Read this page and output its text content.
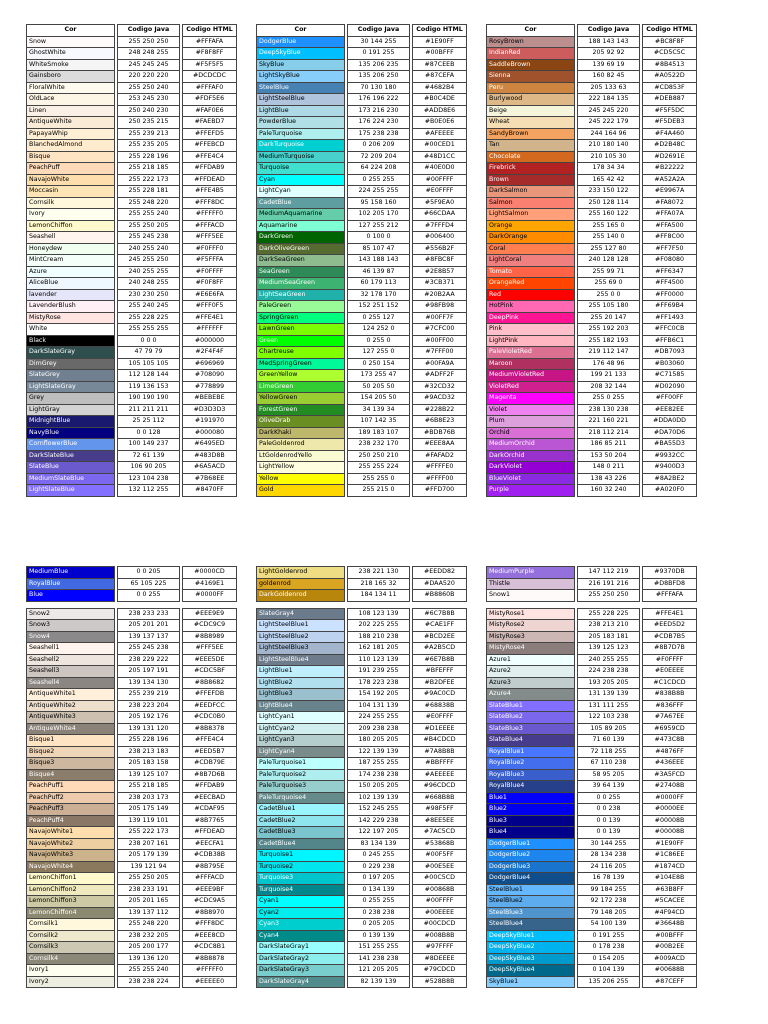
Cor		Codigo Java		Codigo HTML
Snow		255 250 250		#FFFAFA
GhostWhite		248 248 255		#F8F8FF
WhiteSmoke		245 245 245		#F5F5F5
Gainsboro		220 220 220		#DCDCDC
FloralWhite		255 250 240		#FFFAF0
OldLace		253 245 230		#FDF5E6
Linen		250 240 230		#FAF0E6
AntiqueWhite		250 235 215		#FAEBD7
PapayaWhip		255 239 213		#FFEFD5
BlanchedAlmond		255 235 205		#FFEBCD
Bisque		255 228 196		#FFE4C4
PeachPuff		255 218 185		#FFDAB9
NavajoWhite		255 222 173		#FFDEAD
Moccasin		255 228 181		#FFE4B5
Cornsilk		255 248 220		#FFF8DC
Ivory		255 255 240		#FFFFF0
LemonChiffon		255 250 205		#FFFACD
Seashell		255 245 238		#FFF5EE
Honeydew		240 255 240		#F0FFF0
MintCream		245 255 250		#F5FFFA
Azure		240 255 255		#F0FFFF
AliceBlue		240 248 255		#F0F8FF
lavender		230 230 250		#E6E6FA
LavenderBlush		255 240 245		#FFF0F5
MistyRose		255 228 225		#FFE4E1
White		255 255 255		#FFFFFF
Black		0 0 0		#000000
DarkSlateGray		47 79 79		#2F4F4F
DimGrey		105 105 105		#696969
SlateGrey		112 128 144		#708090
LightSlateGray		119 136 153		#778899
Grey		190 190 190		#BEBEBE
LightGray		211 211 211		#D3D3D3
MidnightBlue		25 25 112		#191970
NavyBlue		0 0 128		#000080
CornflowerBlue		100 149 237		#6495ED
DarkSlateBlue		72 61 139		#483D8B
SlateBlue		106 90 205		#6A5ACD
MediumSlateBlue		123 104 238		#7B68EE
LightSlateBlue		132 112 255		#8470FF
Cor		Codigo Java		Codigo HTML
DodgerBlue		30 144 255		#1E90FF
DeepSkyBlue		0 191 255		#00BFFF
SkyBlue		135 206 235		#87CEEB
LightSkyBlue		135 206 250		#87CEFA
SteelBlue		70 130 180		#4682B4
LightSteelBlue		176 196 222		#B0C4DE
LightBlue		173 216 230		#ADD8E6
PowderBlue		176 224 230		#B0E0E6
PaleTurquoise		175 238 238		#AFEEEE
DarkTurquoise		0 206 209		#00CED1
MediumTurquoise		72 209 204		#48D1CC
Turquoise		64 224 208		#40E0D0
Cyan		0 255 255		#00FFFF
LightCyan		224 255 255		#E0FFFF
CadetBlue		95 158 160		#5F9EA0
MediumAquamarine		102 205 170		#66CDAA
Aquamarine		127 255 212		#7FFFD4
DarkGreen		0 100 0		#006400
DarkOliveGreen		85 107 47		#556B2F
DarkSeaGreen		143 188 143		#8FBC8F
SeaGreen		46 139 87		#2E8B57
MediumSeaGreen		60 179 113		#3CB371
LightSeaGreen		32 178 170		#20B2AA
PaleGreen		152 251 152		#98FB98
SpringGreen		0 255 127		#00FF7F
LawnGreen		124 252 0		#7CFC00
Green		0 255 0		#00FF00
Chartreuse		127 255 0		#7FFF00
MedSpringGreen		0 250 154		#00FA9A
GreenYellow		173 255 47		#ADFF2F
LimeGreen		50 205 50		#32CD32
YellowGreen		154 205 50		#9ACD32
ForestGreen		34 139 34		#228B22
OliveDrab		107 142 35		#6B8E23
DarkKhaki		189 183 107		#BDB76B
PaleGoldenrod		238 232 170		#EEE8AA
LtGoldenrodYello		250 250 210		#FAFAD2
LightYellow		255 255 224		#FFFFE0
Yellow		255 255 0		#FFFF00
Gold		255 215 0		#FFD700
Cor		Codigo Java		Codigo HTML
RosyBrown		188 143 143		#BC8F8F
IndianRed		205 92 92		#CD5C5C
SaddleBrown		139 69 19		#8B4513
Sienna		160 82 45		#A0522D
Peru		205 133 63		#CD853F
Burlywood		222 184 135		#DEB887
Beige		245 245 220		#F5F5DC
Wheat		245 222 179		#F5DEB3
SandyBrown		244 164 96		#F4A460
Tan		210 180 140		#D2B48C
Chocolate		210 105 30		#D2691E
Firebrick		178 34 34		#B22222
Brown		165 42 42		#A52A2A
DarkSalmon		233 150 122		#E9967A
Salmon		250 128 114		#FA8072
LightSalmon		255 160 122		#FFA07A
Orange		255 165 0		#FFA500
DarkOrange		255 140 0		#FF8C00
Coral		255 127 80		#FF7F50
LightCoral		240 128 128		#F08080
Tomato		255 99 71		#FF6347
OrangeRed		255 69 0		#FF4500
Red		255 0 0		#FF0000
HotPink		255 105 180		#FF69B4
DeepPink		255 20 147		#FF1493
Pink		255 192 203		#FFC0CB
LightPink		255 182 193		#FFB6C1
PaleVioletRed		219 112 147		#DB7093
Maroon		176 48 96		#B03060
MediumVioletRed		199 21 133		#C71585
VioletRed		208 32 144		#D02090
Magenta		255 0 255		#FF00FF
Violet		238 130 238		#EE82EE
Plum		221 160 221		#DDA0DD
Orchid		218 112 214		#DA70D6
MediumOrchid		186 85 211		#BA55D3
DarkOrchid		153 50 204		#9932CC
DarkViolet		148 0 211		#9400D3
BlueViolet		138 43 226		#8A2BE2
Purple		160 32 240		#A020F0
MediumBlue		0 0 205		#0000CD
RoyalBlue		65 105 225		#4169E1
Blue		0 0 255		#0000FF

Snow2		238 233 233		#EEE9E9
Snow3		205 201 201		#CDC9C9
Snow4		139 137 137		#8B8989
Seashell1		255 245 238		#FFF5EE
Seashell2		238 229 222		#EEE5DE
Seashell3		205 197 191		#CDC5BF
Seashell4		139 134 130		#8B8682
AntiqueWhite1		255 239 219		#FFEFDB
AntiqueWhite2		238 223 204		#EEDFCC
AntiqueWhite3		205 192 176		#CDC0B0
AntiqueWhite4		139 131 120		#8B8378
Bisque1		255 228 196		#FFE4C4
Bisque2		238 213 183		#EED5B7
Bisque3		205 183 158		#CDB79E
Bisque4		139 125 107		#8B7D6B
PeachPuff1		255 218 185		#FFDAB9
PeachPuff2		238 203 173		#EECBAD
PeachPuff3		205 175 149		#CDAF95
PeachPuff4		139 119 101		#8B7765
NavajoWhite1		255 222 173		#FFDEAD
NavajoWhite2		238 207 161		#EECFA1
NavajoWhite3		205 179 139		#CDB38B
NavajoWhite4		139 121 94		#8B795E
LemonChiffon1		255 250 205		#FFFACD
LemonChiffon2		238 233 191		#EEE9BF
LemonChiffon3		205 201 165		#CDC9A5
LemonChiffon4		139 137 112		#8B8970
Cornsilk1		255 248 220		#FFF8DC
Cornsilk2		238 232 205		#EEE8CD
Cornsilk3		205 200 177		#CDC8B1
Cornsilk4		139 136 120		#8B8878
Ivory1		255 255 240		#FFFFF0
Ivory2		238 238 224		#EEEEE0
LightGoldenrod		238 221 130		#EEDD82
goldenrod		218 165 32		#DAA520
DarkGoldenrod		184 134 11		#B8860B

SlateGray4		108 123 139		#6C7B8B
LightSteelBlue1		202 225 255		#CAE1FF
LightSteelBlue2		188 210 238		#BCD2EE
LightSteelBlue3		162 181 205		#A2B5CD
LightSteelBlue4		110 123 139		#6E7B8B
LightBlue1		191 239 255		#BFEFFF
LightBlue2		178 223 238		#B2DFEE
LightBlue3		154 192 205		#9AC0CD
LightBlue4		104 131 139		#68838B
LightCyan1		224 255 255		#E0FFFF
LightCyan2		209 238 238		#D1EEEE
LightCyan3		180 205 205		#B4CDCD
LightCyan4		122 139 139		#7A8B8B
PaleTurquoise1		187 255 255		#BBFFFF
PaleTurquoise2		174 238 238		#AEEEEE
PaleTurquoise3		150 205 205		#96CDCD
PaleTurquoise4		102 139 139		#668B8B
CadetBlue1		152 245 255		#98F5FF
CadetBlue2		142 229 238		#8EE5EE
CadetBlue3		122 197 205		#7AC5CD
CadetBlue4		83 134 139		#53868B
Turquoise1		0 245 255		#00F5FF
Turquoise2		0 229 238		#00E5EE
Turquoise3		0 197 205		#00C5CD
Turquoise4		0 134 139		#00868B
Cyan1		0 255 255		#00FFFF
Cyan2		0 238 238		#00EEEE
Cyan3		0 205 205		#00CDCD
Cyan4		0 139 139		#008B8B
DarkSlateGray1		151 255 255		#97FFFF
DarkSlateGray2		141 238 238		#8DEEEE
DarkSlateGray3		121 205 205		#79CDCD
DarkSlateGray4		82 139 139		#528B8B
MediumPurple		147 112 219		#9370DB
Thistle		216 191 216		#D8BFD8
Snow1		255 250 250		#FFFAFA

MistyRose1		255 228 225		#FFE4E1
MistyRose2		238 213 210		#EED5D2
MistyRose3		205 183 181		#CDB7B5
MistyRose4		139 125 123		#8B7D7B
Azure1		240 255 255		#F0FFFF
Azure2		224 238 238		#E0EEEE
Azure3		193 205 205		#C1CDCD
Azure4		131 139 139		#838B8B
SlateBlue1		131 111 255		#836FFF
SlateBlue2		122 103 238		#7A67EE
SlateBlue3		105 89 205		#6959CD
SlateBlue4		71 60 139		#473C8B
RoyalBlue1		72 118 255		#4876FF
RoyalBlue2		67 110 238		#436EEE
RoyalBlue3		58 95 205		#3A5FCD
RoyalBlue4		39 64 139		#27408B
Blue1		0 0 255		#0000FF
Blue2		0 0 238		#0000EE
Blue3		0 0 139		#00008B
Blue4		0 0 139		#00008B
DodgerBlue1		30 144 255		#1E90FF
DodgerBlue2		28 134 238		#1C86EE
DodgerBlue3		24 116 205		#1874CD
DodgerBlue4		16 78 139		#104E8B
SteelBlue1		99 184 255		#63B8FF
SteelBlue2		92 172 238		#5CACEE
SteelBlue3		79 148 205		#4F94CD
SteelBlue4		54 100 139		#36648B
DeepSkyBlue1		0 191 255		#00BFFF
DeepSkyBlue2		0 178 238		#00B2EE
DeepSkyBlue3		0 154 205		#009ACD
DeepSkyBlue4		0 104 139		#00688B
SkyBlue1		135 206 255		#87CEFF
